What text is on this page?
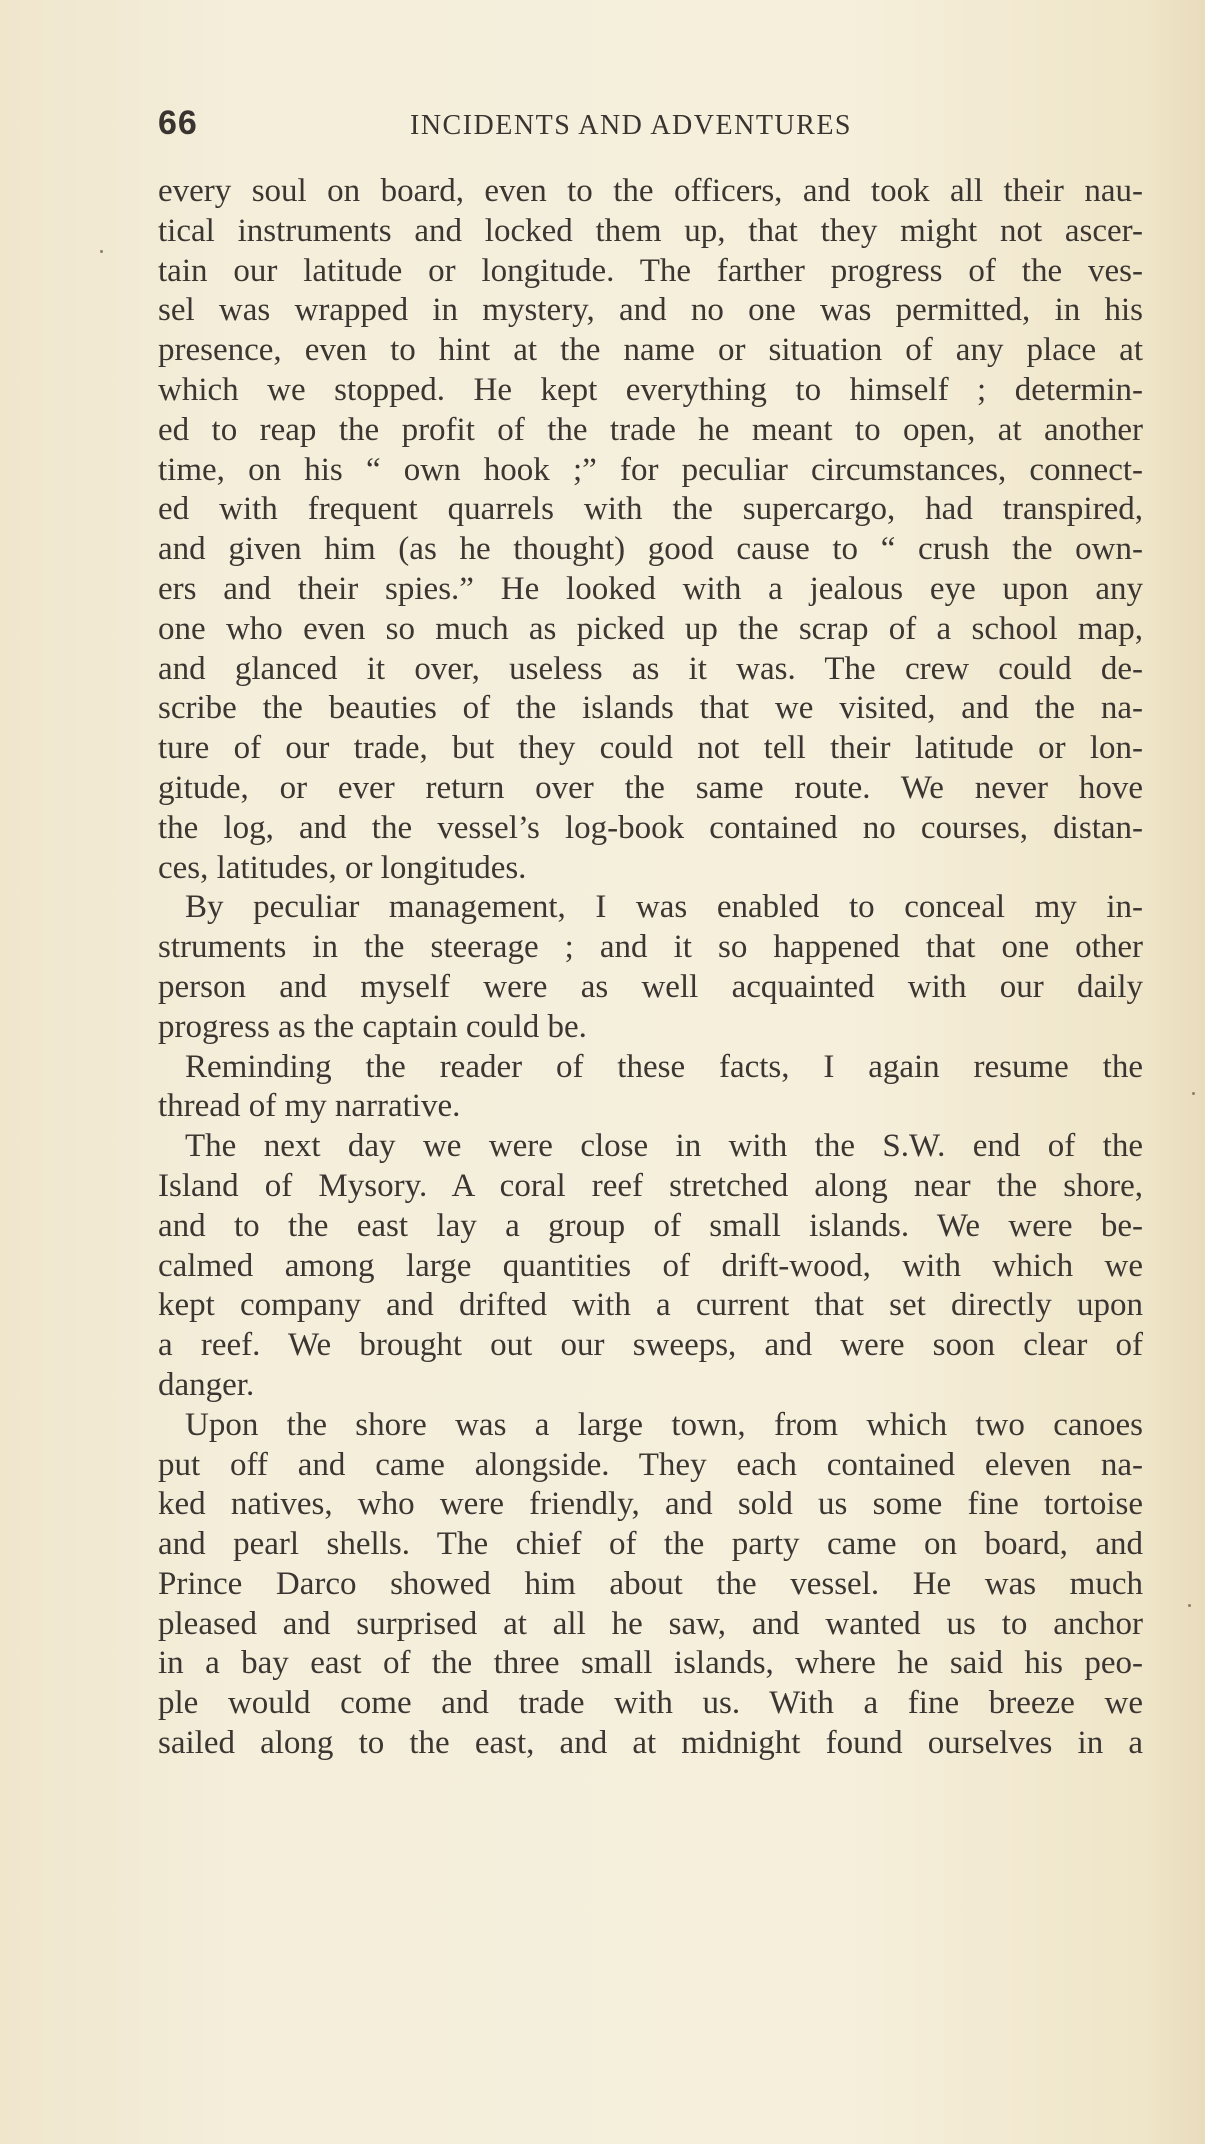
66	INCIDENTS AND ADVENTURES
every soul on board, even to the officers, and took all their nau-
tical instruments and locked them up, that they might not ascer-
tain our latitude or longitude. The farther progress of the ves-
sel was wrapped in mystery, and no one was permitted, in his
presence, even to hint at the name or situation of any place at
which we stopped. He kept everything to himself ; determin-
ed to reap the profit of the trade he meant to open, at another
time, on his “ own hook ;” for peculiar circumstances, connect-
ed with frequent quarrels with the supercargo, had transpired,
and given him (as he thought) good cause to “ crush the own-
ers and their spies.” He looked with a jealous eye upon any
one who even so much as picked up the scrap of a school map,
and glanced it over, useless as it was. The crew could de-
scribe the beauties of the islands that we visited, and the na-
ture of our trade, but they could not tell their latitude or lon-
gitude, or ever return over the same route. We never hove
the log, and the vessel’s log-book contained no courses, distan-
ces, latitudes, or longitudes.
By peculiar management, I was enabled to conceal my in-
struments in the steerage ; and it so happened that one other
person and myself were as well acquainted with our daily
progress as the captain could be.
Reminding the reader of these facts, I again resume the
thread of my narrative.
The next day we were close in with the S.W. end of the
Island of Mysory. A coral reef stretched along near the shore,
and to the east lay a group of small islands. We were be-
calmed among large quantities of drift-wood, with which we
kept company and drifted with a current that set directly upon
a reef. We brought out our sweeps, and were soon clear of
danger.
Upon the shore was a large town, from which two canoes
put off and came alongside. They each contained eleven na-
ked natives, who were friendly, and sold us some fine tortoise
and pearl shells. The chief of the party came on board, and
Prince Darco showed him about the vessel. He was much
pleased and surprised at all he saw, and wanted us to anchor
in a bay east of the three small islands, where he said his peo-
ple would come and trade with us. With a fine breeze we
sailed along to the east, and at midnight found ourselves in a
